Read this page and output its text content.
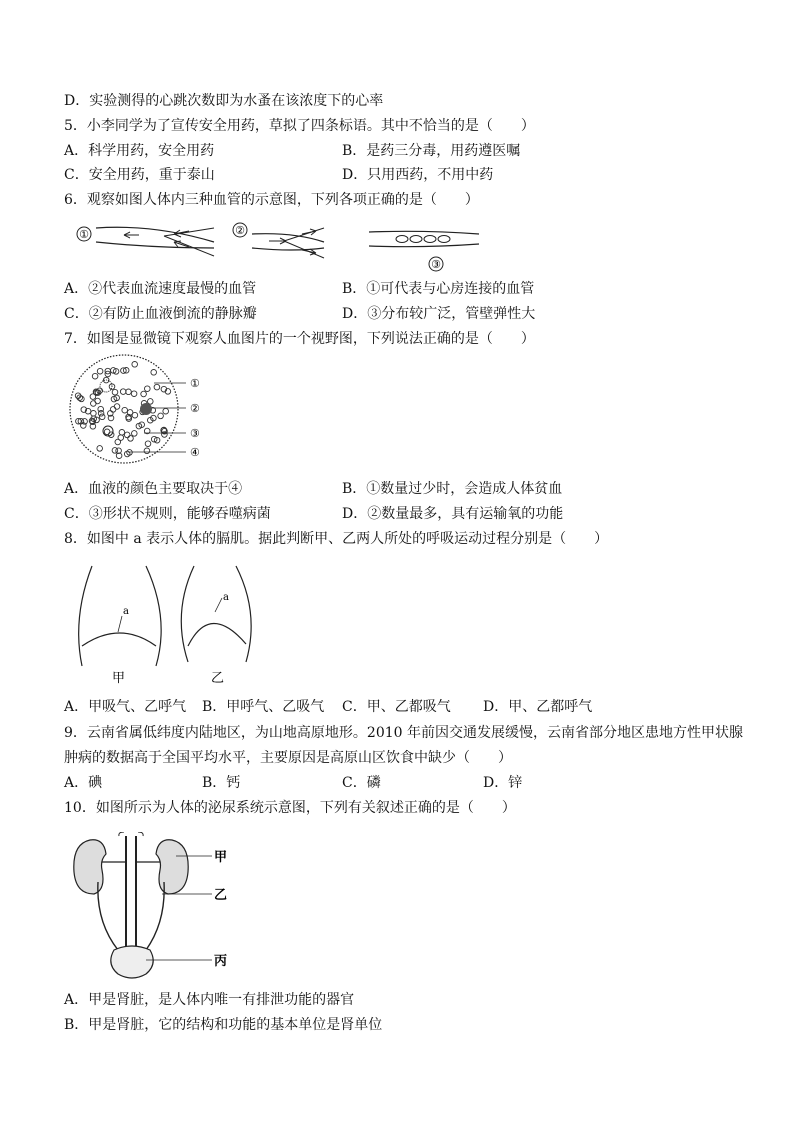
D．实验测得的心跳次数即为水蚤在该浓度下的心率
5．小李同学为了宣传安全用药，草拟了四条标语。其中不恰当的是（　　）
A．科学用药，安全用药	B．是药三分毒，用药遵医嘱
C．安全用药，重于泰山	D．只用西药，不用中药
6．观察如图人体内三种血管的示意图，下列各项正确的是（　　）
①	②
③
A．②代表血流速度最慢的血管	B．①可代表与心房连接的血管
C．②有防止血液倒流的静脉瓣	D．③分布较广泛，管壁弹性大
7．如图是显微镜下观察人血图片的一个视野图，下列说法正确的是（　　）
①
②
③
④
A．血液的颜色主要取决于④	B．①数量过少时，会造成人体贫血
C．③形状不规则，能够吞噬病菌	D．②数量最多，具有运输氧的功能
8．如图中 a 表示人体的膈肌。据此判断甲、乙两人所处的呼吸运动过程分别是（　　）
a
甲
a
乙
A．甲吸气、乙呼气 B．甲呼气、乙吸气 C．甲、乙都吸气 D．甲、乙都呼气
9．云南省属低纬度内陆地区，为山地高原地形。2010 年前因交通发展缓慢，云南省部分地区患地方性甲状腺
肿病的数据高于全国平均水平，主要原因是高原山区饮食中缺少（　　）
A．碘	B．钙	C．磷	D．锌
10．如图所示为人体的泌尿系统示意图，下列有关叙述正确的是（　　）
甲
乙
丙
A．甲是肾脏，是人体内唯一有排泄功能的器官
B．甲是肾脏，它的结构和功能的基本单位是肾单位
